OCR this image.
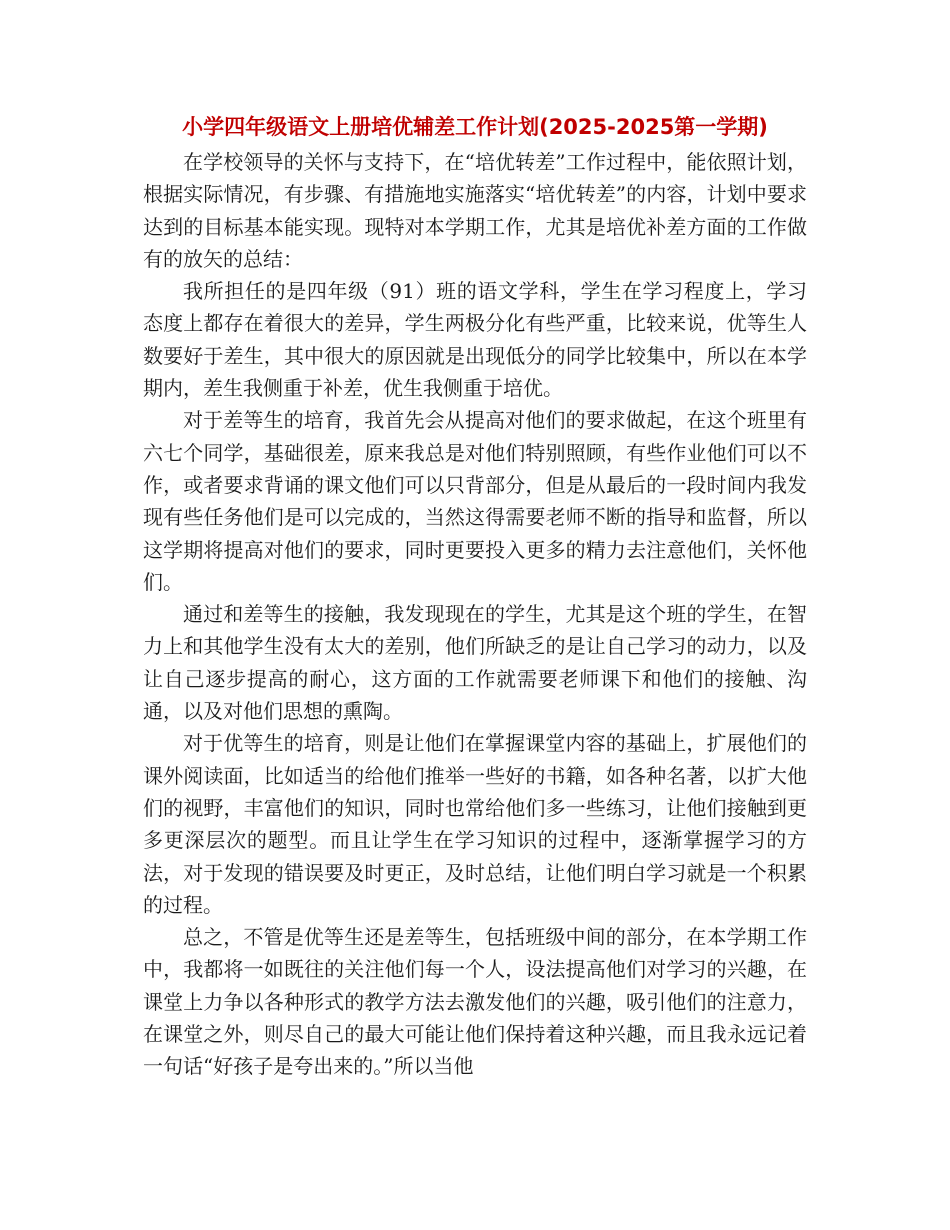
小学四年级语文上册培优辅差工作计划(2025-2025第一学期)

在学校领导的关怀与支持下，在“培优转差”工作过程中，能依照计划，根据实际情况，有步骤、有措施地实施落实“培优转差”的内容，计划中要求达到的目标基本能实现。现特对本学期工作，尤其是培优补差方面的工作做有的放矢的总结：

我所担任的是四年级（91）班的语文学科，学生在学习程度上，学习态度上都存在着很大的差异，学生两极分化有些严重，比较来说，优等生人数要好于差生，其中很大的原因就是出现低分的同学比较集中，所以在本学期内，差生我侧重于补差，优生我侧重于培优。

对于差等生的培育，我首先会从提高对他们的要求做起，在这个班里有六七个同学，基础很差，原来我总是对他们特别照顾，有些作业他们可以不作，或者要求背诵的课文他们可以只背部分，但是从最后的一段时间内我发现有些任务他们是可以完成的，当然这得需要老师不断的指导和监督，所以这学期将提高对他们的要求，同时更要投入更多的精力去注意他们，关怀他们。

通过和差等生的接触，我发现现在的学生，尤其是这个班的学生，在智力上和其他学生没有太大的差别，他们所缺乏的是让自己学习的动力，以及让自己逐步提高的耐心，这方面的工作就需要老师课下和他们的接触、沟通，以及对他们思想的熏陶。

对于优等生的培育，则是让他们在掌握课堂内容的基础上，扩展他们的课外阅读面，比如适当的给他们推举一些好的书籍，如各种名著，以扩大他们的视野，丰富他们的知识，同时也常给他们多一些练习，让他们接触到更多更深层次的题型。而且让学生在学习知识的过程中，逐渐掌握学习的方法，对于发现的错误要及时更正，及时总结，让他们明白学习就是一个积累的过程。

总之，不管是优等生还是差等生，包括班级中间的部分，在本学期工作中，我都将一如既往的关注他们每一个人，设法提高他们对学习的兴趣，在课堂上力争以各种形式的教学方法去激发他们的兴趣，吸引他们的注意力，在课堂之外，则尽自己的最大可能让他们保持着这种兴趣，而且我永远记着一句话“好孩子是夸出来的。”所以当他
